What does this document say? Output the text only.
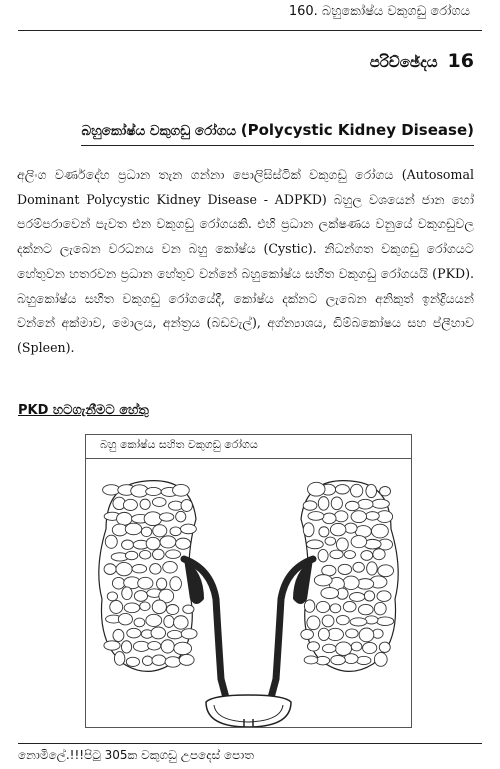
160. බහුකෝෂ්ය වකුගඩු රෝගය
පරිච්ඡේදය 16
බහුකෝෂ්ය වකුගඩු රෝගය (Polycystic Kidney Disease)
අලිංග වර්ණදේහ ප්‍රධාන තැන ගන්නා පොලිසිස්ටික් වකුගඩු රෝගය (Autosomal Dominant Polycystic Kidney Disease - ADPKD) බහුල වශයෙන් ජාන හෝ පරම්පරාවෙන් පැවත එන වකුගඩු රෝගයකි. එහි ප්‍රධාන ලක්ෂණය වනුයේ වකුගඩුවල දක්නට ලැබෙන වරධනය වන බහු කෝෂ්ය (Cystic). නිධන්ගත වකුගඩු රෝගයට හේතුවන හතරවන ප්‍රධාන හේතුව වන්නේ බහුකෝෂ්ය සහිත වකුගඩු රෝගයයි (PKD). බහුකෝෂ්ය සහිත වකුගඩු රෝගයේදී, කෝෂ්ය දක්නට ලැබෙන අනිකුත් ඉන්ද්‍රියයන් වන්නේ අක්මාව, මොලය, අන්ත්‍රය (බඩවැල්), අග්න්‍යාශය, ඩිම්බකෝෂය සහ ප්ලීහාව (Spleen).
PKD හටගැනීමට හේතු
බහු කෝෂ්ය සහිත වකුගඩු රෝගය
නොමිලේ.!!!පිටු 305ක වකුගඩු උපදෙස් පොත
